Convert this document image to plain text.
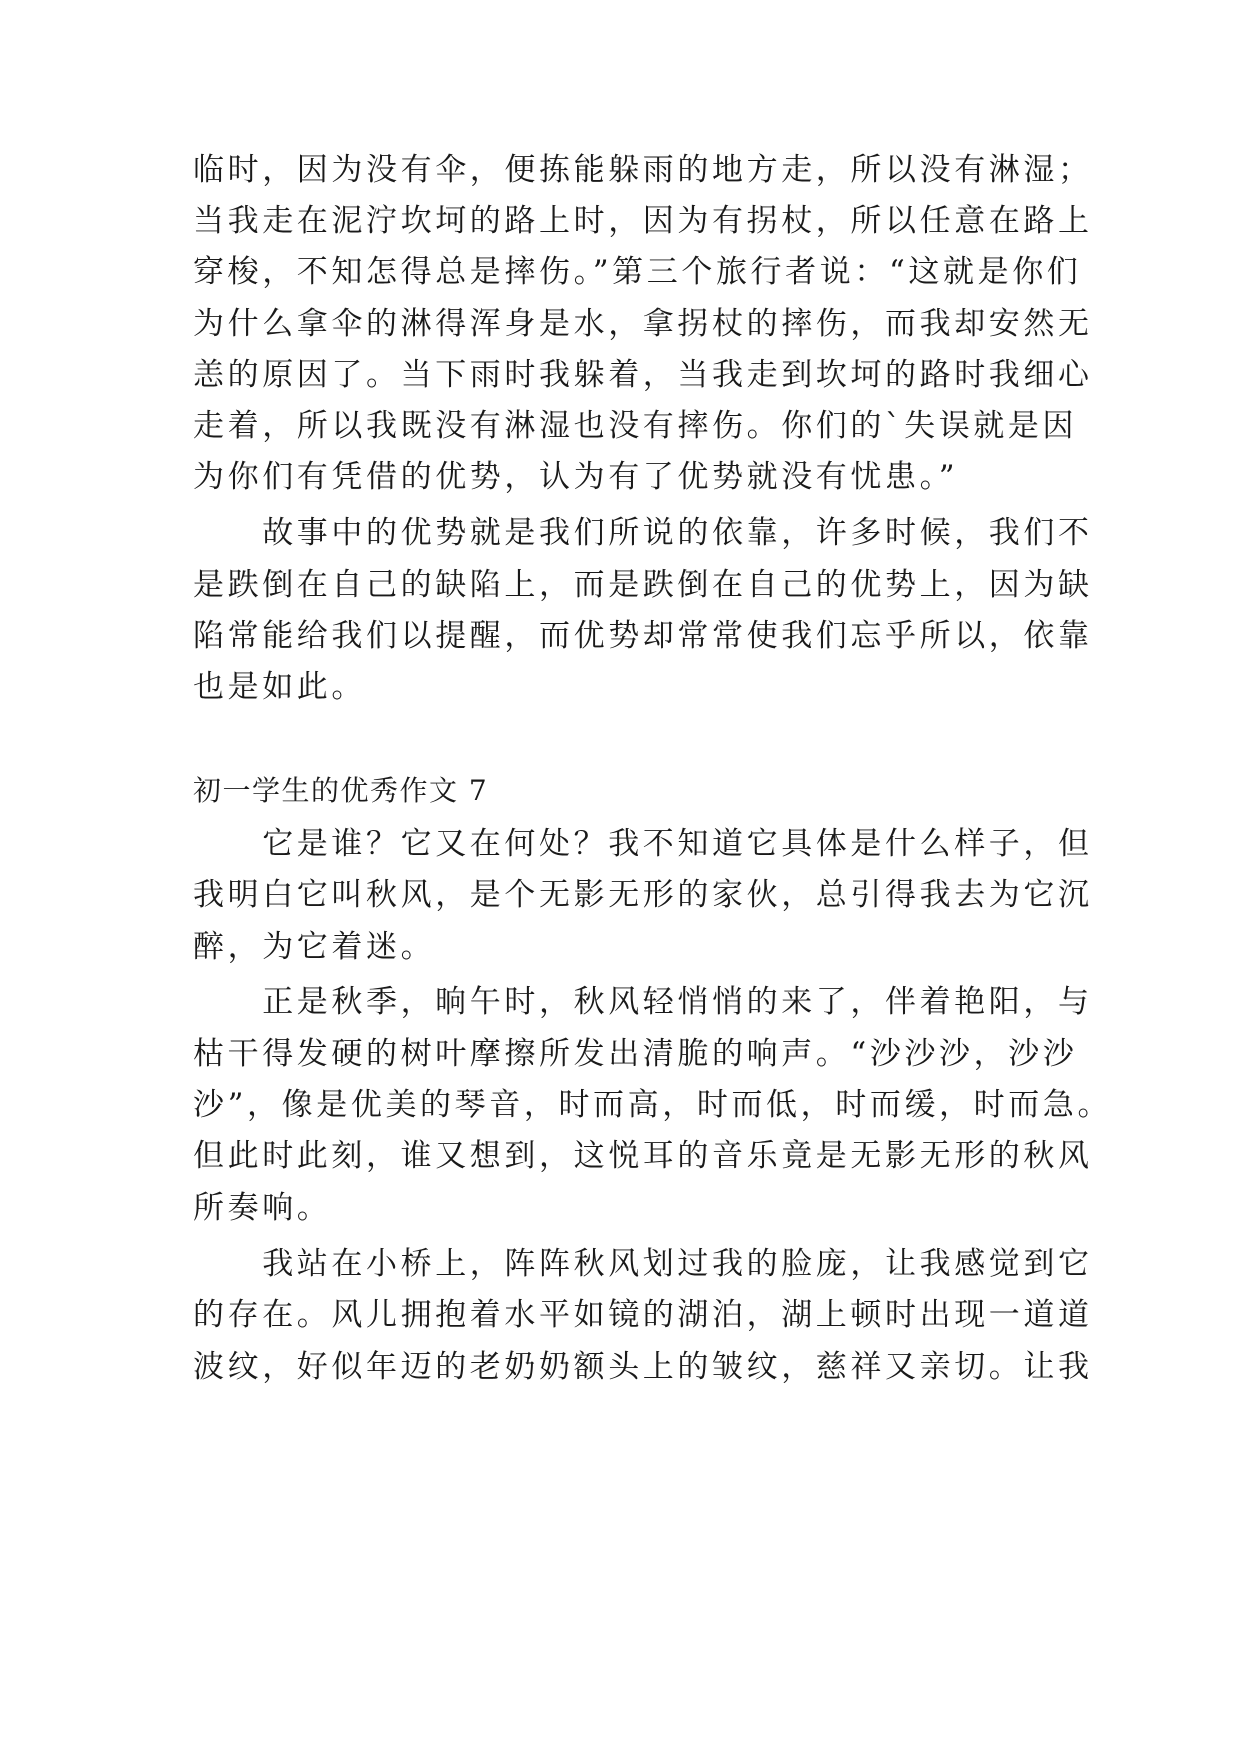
临时，因为没有伞，便拣能躲雨的地方走，所以没有淋湿；
当我走在泥泞坎坷的路上时，因为有拐杖，所以任意在路上
穿梭，不知怎得总是摔伤。”第三个旅行者说：“这就是你们
为什么拿伞的淋得浑身是水，拿拐杖的摔伤，而我却安然无
恙的原因了。当下雨时我躲着，当我走到坎坷的路时我细心
走着，所以我既没有淋湿也没有摔伤。你们的`失误就是因
为你们有凭借的优势，认为有了优势就没有忧患。”
　　故事中的优势就是我们所说的依靠，许多时候，我们不
是跌倒在自己的缺陷上，而是跌倒在自己的优势上，因为缺
陷常能给我们以提醒，而优势却常常使我们忘乎所以，依靠
也是如此。
初一学生的优秀作文 7
　　它是谁？它又在何处？我不知道它具体是什么样子，但
我明白它叫秋风，是个无影无形的家伙，总引得我去为它沉
醉，为它着迷。
　　正是秋季，晌午时，秋风轻悄悄的来了，伴着艳阳，与
枯干得发硬的树叶摩擦所发出清脆的响声。“沙沙沙，沙沙
沙”，像是优美的琴音，时而高，时而低，时而缓，时而急。
但此时此刻，谁又想到，这悦耳的音乐竟是无影无形的秋风
所奏响。
　　我站在小桥上，阵阵秋风划过我的脸庞，让我感觉到它
的存在。风儿拥抱着水平如镜的湖泊，湖上顿时出现一道道
波纹，好似年迈的老奶奶额头上的皱纹，慈祥又亲切。让我
